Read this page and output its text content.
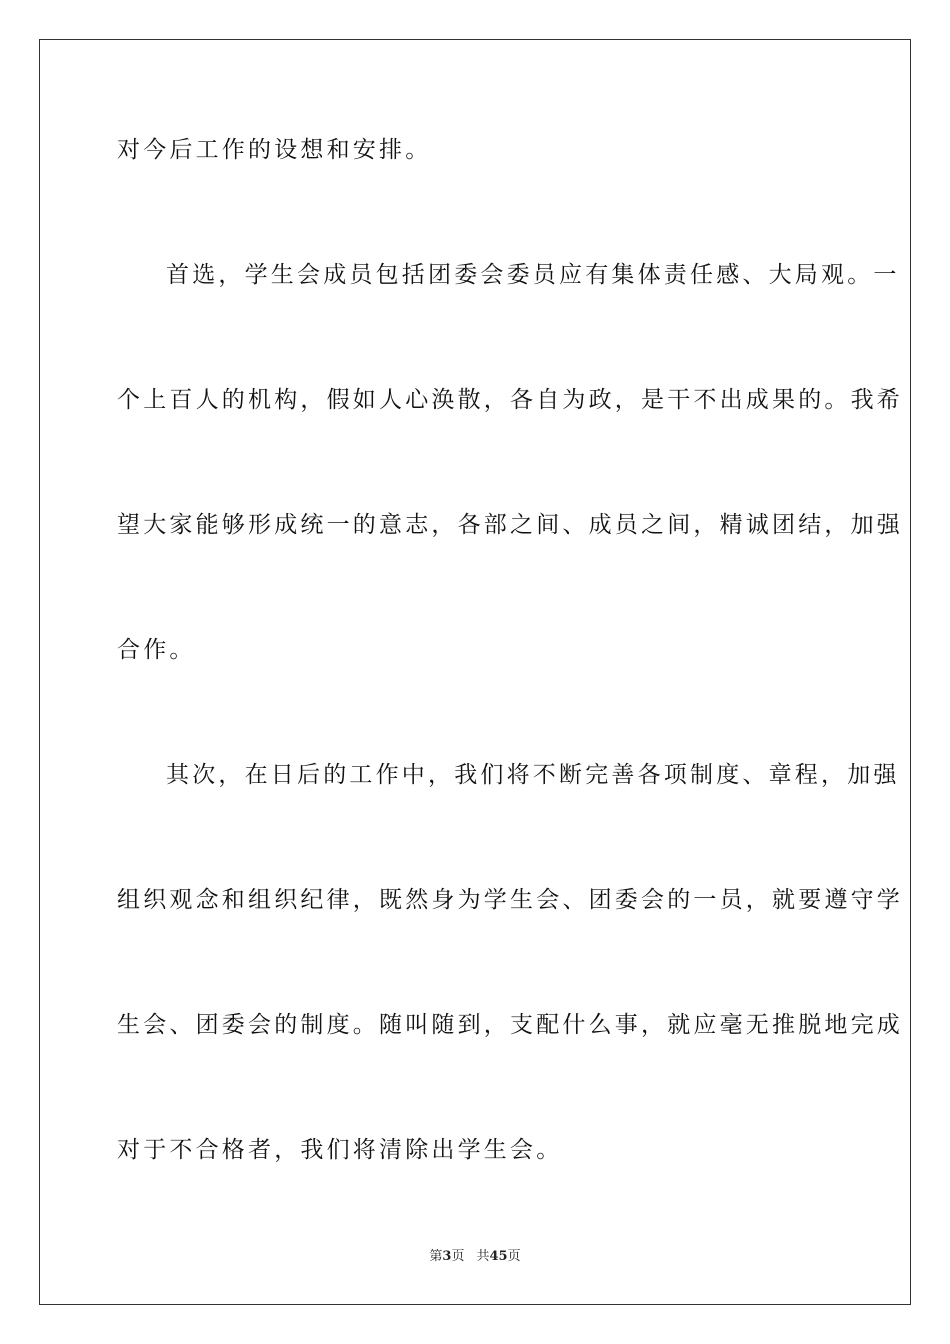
对今后工作的设想和安排。
首选，学生会成员包括团委会委员应有集体责任感、大局观。一
个上百人的机构，假如人心涣散，各自为政，是干不出成果的。我希
望大家能够形成统一的意志，各部之间、成员之间，精诚团结，加强
合作。
其次，在日后的工作中，我们将不断完善各项制度、章程，加强
组织观念和组织纪律，既然身为学生会、团委会的一员，就要遵守学
生会、团委会的制度。随叫随到，支配什么事，就应毫无推脱地完成
对于不合格者，我们将清除出学生会。
第3页 共45页
